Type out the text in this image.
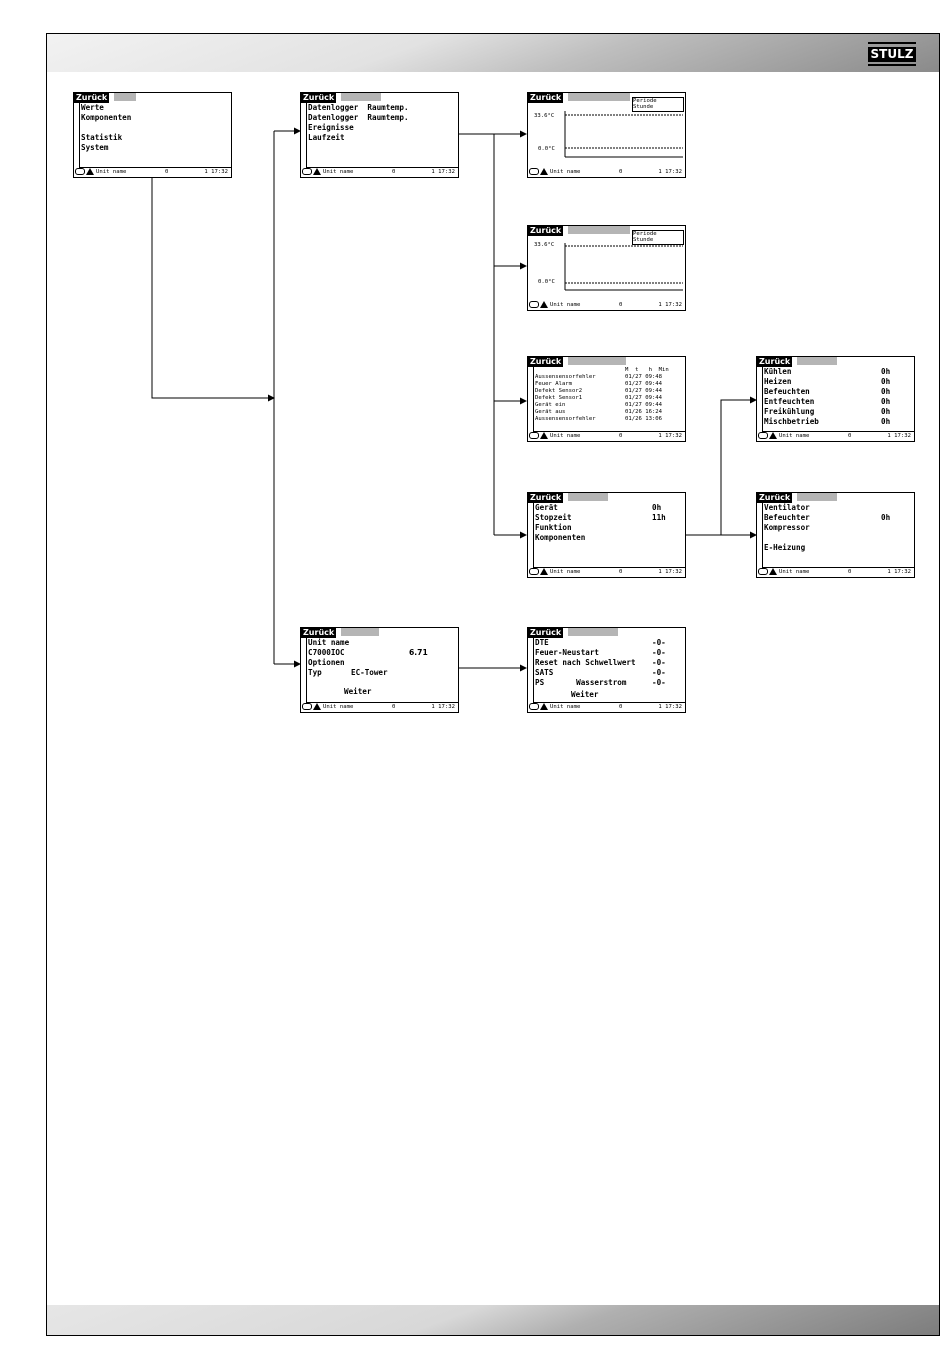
STULZ
Zurück
Werte
Komponenten
Statistik
System
Unit name	0	1 17:32
Zurück
Datenlogger  Raumtemp.
Datenlogger  Raumtemp.
Ereignisse
Laufzeit
Unit name	0	1 17:32
Zurück	Periode
Stunde
33.6°C
0.0°C
Unit name	0	1 17:32
Zurück	Periode
Stunde
33.6°C
0.0°C
Unit name	0	1 17:32
Zurück
M  t   h  Min
Aussensensorfehler	01/27 09:48
Feuer Alarm	01/27 09:44
Defekt Sensor2	01/27 09:44
Defekt Sensor1	01/27 09:44
Gerät ein	01/27 09:44
Gerät aus	01/26 16:24
Aussensensorfehler	01/26 13:06
Unit name	0	1 17:32
Zurück
Gerät	0h
Stopzeit	11h
Funktion
Komponenten
Unit name	0	1 17:32
Zurück
Kühlen	0h
Heizen	0h
Befeuchten	0h
Entfeuchten	0h
Freikühlung	0h
Mischbetrieb	0h
Unit name	0	1 17:32
Zurück
Ventilator
Befeuchter	0h
Kompressor
E-Heizung
Unit name	0	1 17:32
Zurück
Unit name
C7000IOC	6.71
Optionen
Typ	EC-Tower
Weiter
Unit name	0	1 17:32
Zurück
Weiter
DTE	-0-
Feuer-Neustart	-0-
Reset nach Schwellwert -0-
SATS	-0-
PS       Wasserstrom	-0-
Unit name	0	1 17:32
